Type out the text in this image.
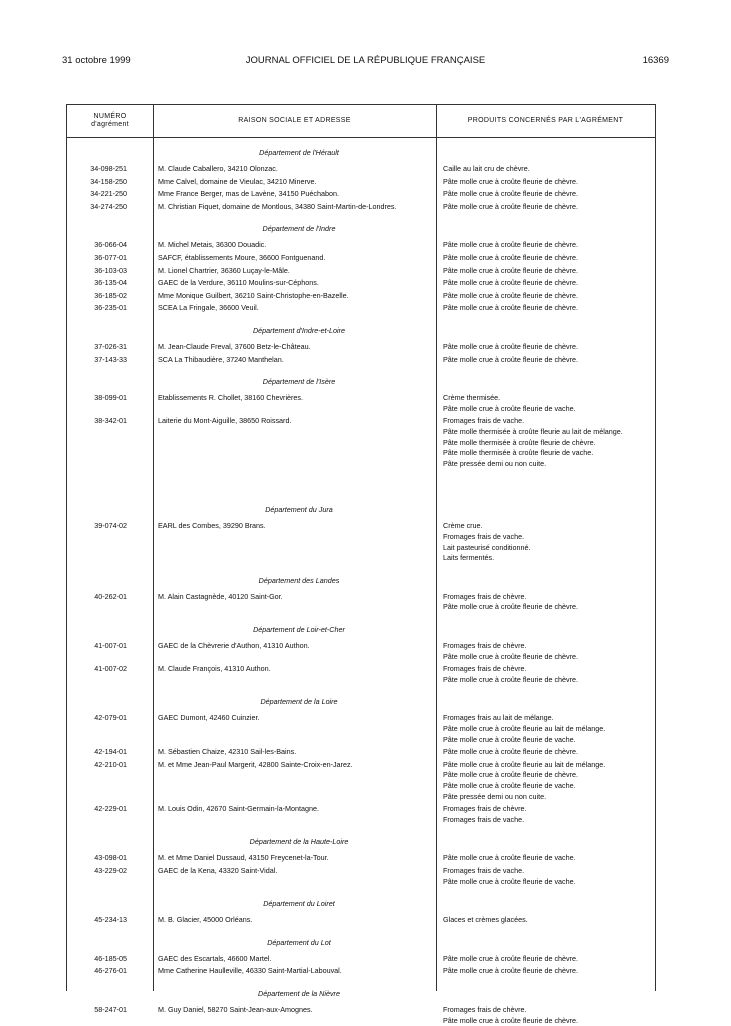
31 octobre 1999	JOURNAL OFFICIEL DE LA RÉPUBLIQUE FRANÇAISE	16369
NUMÉRO d'agrément
RAISON SOCIALE ET ADRESSE	PRODUITS CONCERNÉS PAR L'AGRÉMENT
Département de l'Hérault
34-098-251	M. Claude Caballero, 34210 Olonzac.	Caille au lait cru de chèvre.
34-158-250	Mme Calvel, domaine de Vieulac, 34210 Minerve.	Pâte molle crue à croûte fleurie de chèvre.
34-221-250	Mme France Berger, mas de Lavène, 34150 Puéchabon.	Pâte molle crue à croûte fleurie de chèvre.
34-274-250	M. Christian Fiquet, domaine de Montlous, 34380 Saint-Martin-de-Londres.	Pâte molle crue à croûte fleurie de chèvre.
Département de l'Indre
36-066-04	M. Michel Metais, 36300 Douadic.	Pâte molle crue à croûte fleurie de chèvre.
36-077-01	SAFCF, établissements Moure, 36600 Fontguenand.	Pâte molle crue à croûte fleurie de chèvre.
36-103-03	M. Lionel Chartrier, 36360 Luçay-le-Mâle.	Pâte molle crue à croûte fleurie de chèvre.
36-135-04	GAEC de la Verdure, 36110 Moulins-sur-Céphons.	Pâte molle crue à croûte fleurie de chèvre.
36-185-02	Mme Monique Guilbert, 36210 Saint-Christophe-en-Bazelle.	Pâte molle crue à croûte fleurie de chèvre.
36-235-01	SCEA La Fringale, 36600 Veuil.	Pâte molle crue à croûte fleurie de chèvre.
Département d'Indre-et-Loire
37-026-31	M. Jean-Claude Freval, 37600 Betz-le-Château.	Pâte molle crue à croûte fleurie de chèvre.
37-143-33	SCA La Thibaudière, 37240 Manthelan.	Pâte molle crue à croûte fleurie de chèvre.
Département de l'Isère
38-099-01	Etablissements R. Chollet, 38160 Chevrières.	Crème thermisée.
Pâte molle crue à croûte fleurie de vache.
38-342-01	Laiterie du Mont-Aiguille, 38650 Roissard.	Fromages frais de vache.
Pâte molle thermisée à croûte fleurie au lait de mélange.
Pâte molle thermisée à croûte fleurie de chèvre.
Pâte molle thermisée à croûte fleurie de vache.
Pâte pressée demi ou non cuite.
Département du Jura
39-074-02	EARL des Combes, 39290 Brans.	Crème crue.
Fromages frais de vache.
Lait pasteurisé conditionné.
Laits fermentés.
Département des Landes
40-262-01	M. Alain Castagnède, 40120 Saint-Gor.	Fromages frais de chèvre.
Pâte molle crue à croûte fleurie de chèvre.
Département de Loir-et-Cher
41-007-01	GAEC de la Chèvrerie d'Authon, 41310 Authon.	Fromages frais de chèvre.
Pâte molle crue à croûte fleurie de chèvre.
41-007-02	M. Claude François, 41310 Authon.	Fromages frais de chèvre.
Pâte molle crue à croûte fleurie de chèvre.
Département de la Loire
42-079-01	GAEC Dumont, 42460 Cuinzier.	Fromages frais au lait de mélange.
Pâte molle crue à croûte fleurie au lait de mélange.
Pâte molle crue à croûte fleurie de vache.
42-194-01	M. Sébastien Chaize, 42310 Sail-les-Bains.	Pâte molle crue à croûte fleurie de chèvre.
42-210-01	M. et Mme Jean-Paul Margerit, 42800 Sainte-Croix-en-Jarez.	Pâte molle crue à croûte fleurie au lait de mélange.
Pâte molle crue à croûte fleurie de chèvre.
Pâte molle crue à croûte fleurie de vache.
Pâte pressée demi ou non cuite.
42-229-01	M. Louis Odin, 42670 Saint-Germain-la-Montagne.	Fromages frais de chèvre.
Fromages frais de vache.
Département de la Haute-Loire
43-098-01	M. et Mme Daniel Dussaud, 43150 Freycenet-la-Tour.	Pâte molle crue à croûte fleurie de vache.
43-229-02	GAEC de la Kena, 43320 Saint-Vidal.	Fromages frais de vache.
Pâte molle crue à croûte fleurie de vache.
Département du Loiret
45-234-13	M. B. Glacier, 45000 Orléans.	Glaces et crèmes glacées.
Département du Lot
46-185-05	GAEC des Escartals, 46600 Martel.	Pâte molle crue à croûte fleurie de chèvre.
46-276-01	Mme Catherine Haulleville, 46330 Saint-Martial-Labouval.	Pâte molle crue à croûte fleurie de chèvre.
Département de la Nièvre
58-247-01	M. Guy Daniel, 58270 Saint-Jean-aux-Amognes.	Fromages frais de chèvre.
Pâte molle crue à croûte fleurie de chèvre.
